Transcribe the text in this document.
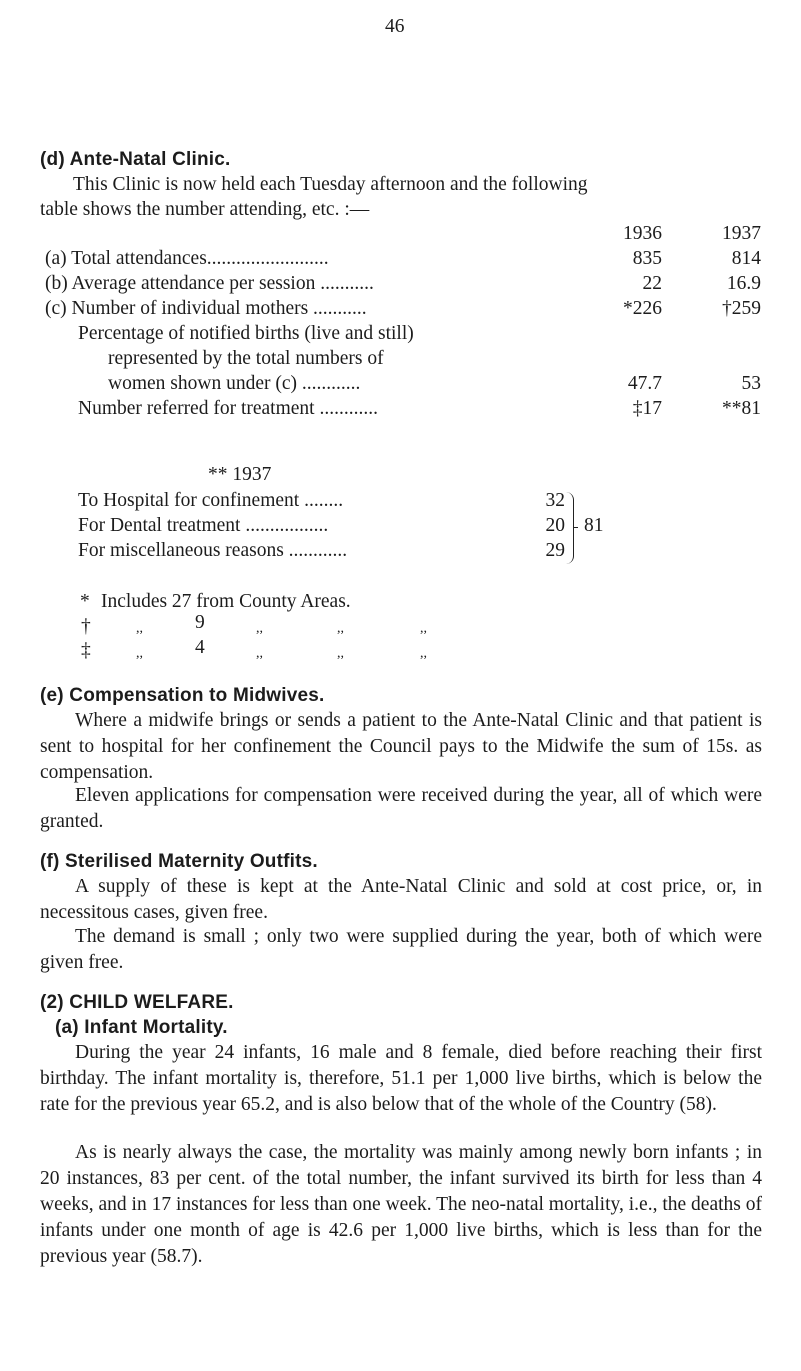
46
(d) Ante-Natal Clinic.
This Clinic is now held each Tuesday afternoon and the following
table shows the number attending, etc. :—
1936	1937
(a) Total attendances.........................	835	814
(b) Average attendance per session ...........	22	16.9
(c) Number of individual mothers ...........	*226	†259
Percentage of notified births (live and still)
represented by the total numbers of
women shown under (c) ............	47.7	53
Number referred for treatment ............	‡17	**81
** 1937
To Hospital for confinement ........	32
For Dental treatment .................	20
For miscellaneous reasons ............	29
81
* Includes 27 from County Areas.
†	,,	9	,,	,,	,,
‡	,,	4	,,	,,	,,
(e) Compensation to Midwives.
Where a midwife brings or sends a patient to the Ante-Natal Clinic and that patient is sent to hospital for her confinement the Council pays to the Midwife the sum of 15s. as compensation.
Eleven applications for compensation were received during the year, all of which were granted.
(f) Sterilised Maternity Outfits.
A supply of these is kept at the Ante-Natal Clinic and sold at cost price, or, in necessitous cases, given free.
The demand is small ; only two were supplied during the year, both of which were given free.
(2) CHILD WELFARE.
(a) Infant Mortality.
During the year 24 infants, 16 male and 8 female, died before reaching their first birthday. The infant mortality is, therefore, 51.1 per 1,000 live births, which is below the rate for the previous year 65.2, and is also below that of the whole of the Country (58).
As is nearly always the case, the mortality was mainly among newly born infants ; in 20 instances, 83 per cent. of the total number, the infant survived its birth for less than 4 weeks, and in 17 instances for less than one week. The neo-natal mortality, i.e., the deaths of infants under one month of age is 42.6 per 1,000 live births, which is less than for the previous year (58.7).
